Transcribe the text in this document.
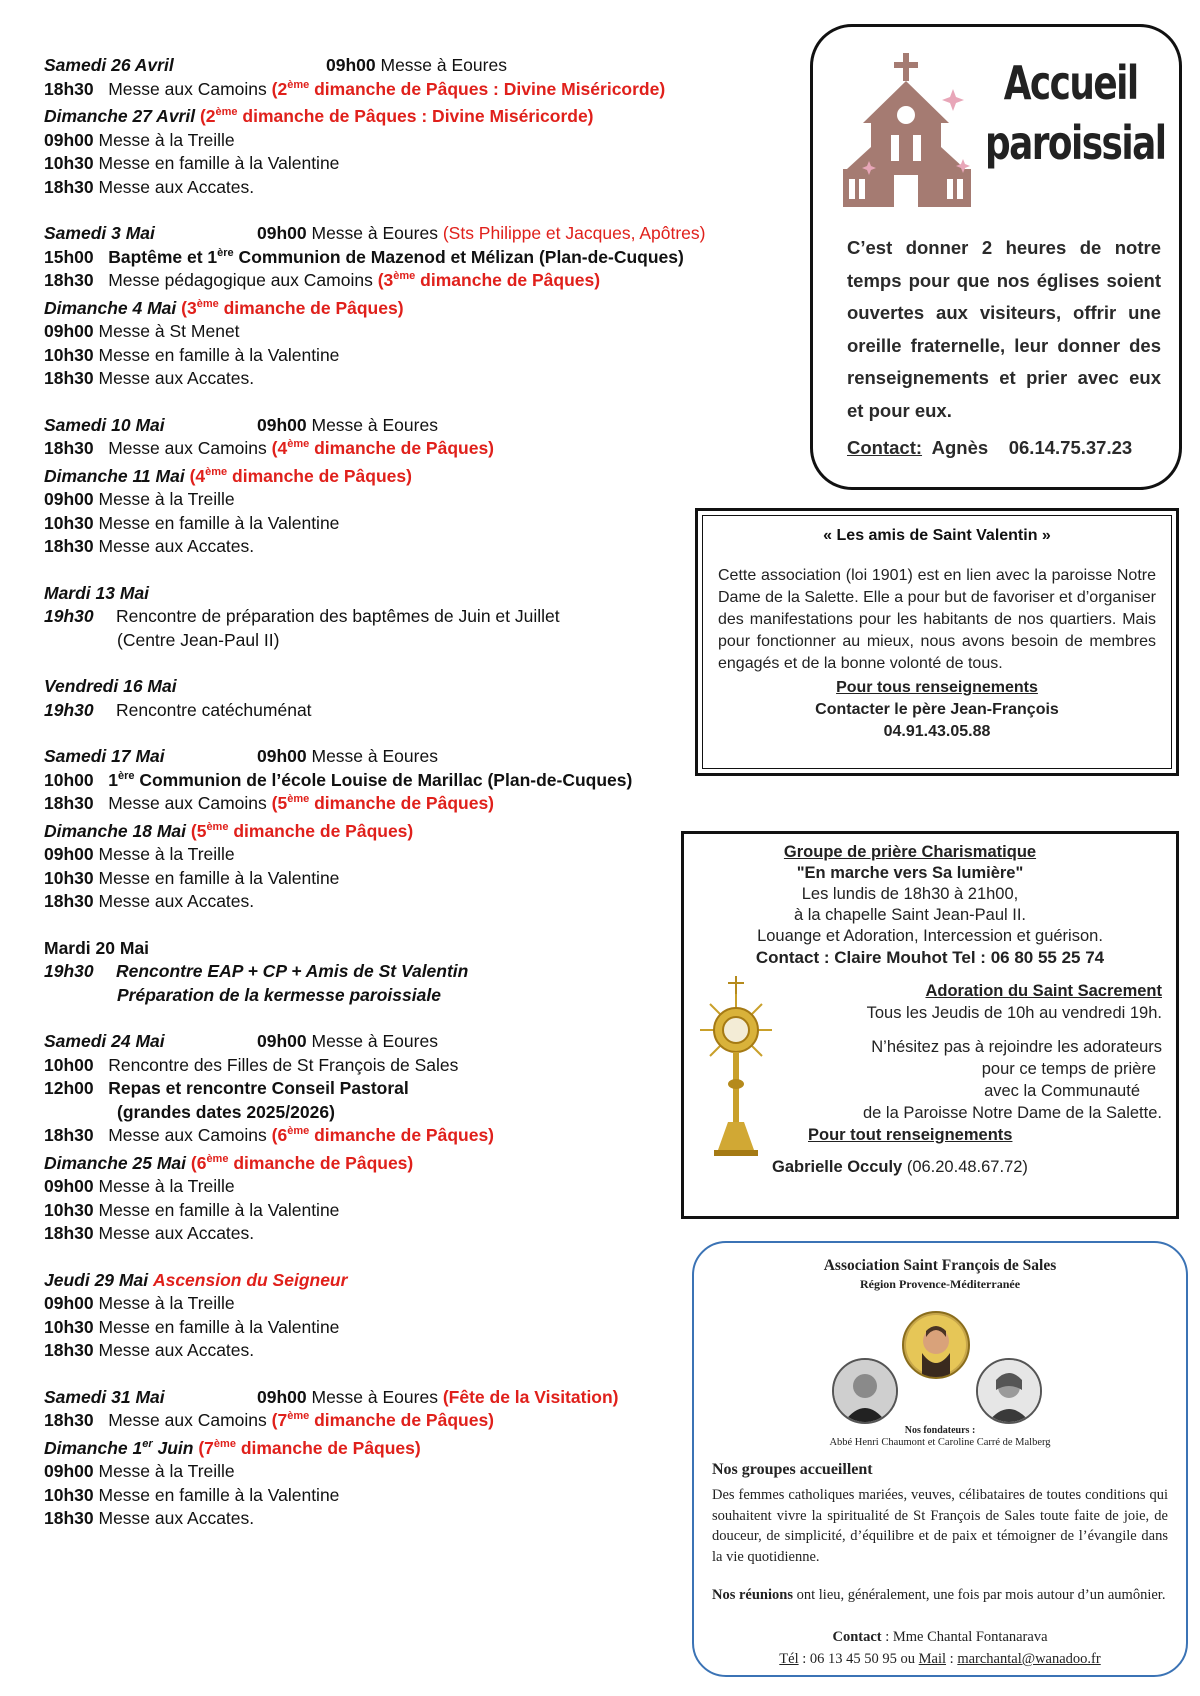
Samedi 26 Avril	09h00 Messe à Eoures
18h30 Messe aux Camoins (2ème dimanche de Pâques : Divine Miséricorde)
Dimanche 27 Avril (2ème dimanche de Pâques : Divine Miséricorde)
09h00 Messe à la Treille
10h30 Messe en famille à la Valentine
18h30 Messe aux Accates.
Samedi 3 Mai	09h00 Messe à Eoures (Sts Philippe et Jacques, Apôtres)
15h00 Baptême et 1ère Communion de Mazenod et Mélizan (Plan-de-Cuques)
18h30 Messe pédagogique aux Camoins (3ème dimanche de Pâques)
Dimanche 4 Mai (3ème dimanche de Pâques)
09h00 Messe à St Menet
10h30 Messe en famille à la Valentine
18h30 Messe aux Accates.
Samedi 10 Mai	09h00 Messe à Eoures
18h30 Messe aux Camoins (4ème dimanche de Pâques)
Dimanche 11 Mai (4ème dimanche de Pâques)
09h00 Messe à la Treille
10h30 Messe en famille à la Valentine
18h30 Messe aux Accates.
Mardi 13 Mai
19h30 Rencontre de préparation des baptêmes de Juin et Juillet
(Centre Jean-Paul II)
Vendredi 16 Mai
19h30 Rencontre catéchuménat
Samedi 17 Mai	09h00 Messe à Eoures
10h00 1ère Communion de l’école Louise de Marillac (Plan-de-Cuques)
18h30 Messe aux Camoins (5ème dimanche de Pâques)
Dimanche 18 Mai (5ème dimanche de Pâques)
09h00 Messe à la Treille
10h30 Messe en famille à la Valentine
18h30 Messe aux Accates.
Mardi 20 Mai
19h30 Rencontre EAP + CP + Amis de St Valentin
Préparation de la kermesse paroissiale
Samedi 24 Mai	09h00 Messe à Eoures
10h00 Rencontre des Filles de St François de Sales
12h00 Repas et rencontre Conseil Pastoral
(grandes dates 2025/2026)
18h30 Messe aux Camoins (6ème dimanche de Pâques)
Dimanche 25 Mai (6ème dimanche de Pâques)
09h00 Messe à la Treille
10h30 Messe en famille à la Valentine
18h30 Messe aux Accates.
Jeudi 29 Mai Ascension du Seigneur
09h00 Messe à la Treille
10h30 Messe en famille à la Valentine
18h30 Messe aux Accates.
Samedi 31 Mai	09h00 Messe à Eoures (Fête de la Visitation)
18h30 Messe aux Camoins (7ème dimanche de Pâques)
Dimanche 1er Juin (7ème dimanche de Pâques)
09h00 Messe à la Treille
10h30 Messe en famille à la Valentine
18h30 Messe aux Accates.
Accueil
paroissial
C’est donner 2 heures de notre temps pour que nos églises soient ouvertes aux visiteurs, offrir une oreille fraternelle, leur donner des renseignements et prier avec eux et pour eux.
Contact: Agnès 06.14.75.37.23
« Les amis de Saint Valentin »
Cette association (loi 1901) est en lien avec la paroisse Notre Dame de la Salette. Elle a pour but de favoriser et d’organiser des manifestations pour les habitants de nos quartiers. Mais pour fonctionner au mieux, nous avons besoin de membres engagés et de la bonne volonté de tous.
Pour tous renseignements
Contacter le père Jean-François
04.91.43.05.88
Groupe de prière Charismatique
"En marche vers Sa lumière"
Les lundis de 18h30 à 21h00,
à la chapelle Saint Jean-Paul II.
Louange et Adoration, Intercession et guérison.
Contact : Claire Mouhot Tel : 06 80 55 25 74
Adoration du Saint Sacrement
Tous les Jeudis de 10h au vendredi 19h.
N’hésitez pas à rejoindre les adorateurs
pour ce temps de prière
avec la Communauté
de la Paroisse Notre Dame de la Salette.
Pour tout renseignements
Gabrielle Occuly (06.20.48.67.72)
Association Saint François de Sales
Région Provence-Méditerranée
Nos fondateurs :
Abbé Henri Chaumont et Caroline Carré de Malberg
Nos groupes accueillent
Des femmes catholiques mariées, veuves, célibataires de toutes conditions qui souhaitent vivre la spiritualité de St François de Sales toute faite de joie, de douceur, de simplicité, d’équilibre et de paix et témoigner de l’évangile dans la vie quotidienne.
Nos réunions ont lieu, généralement, une fois par mois autour d’un aumônier.
Contact : Mme Chantal Fontanarava
Tél : 06 13 45 50 95 ou Mail : marchantal@wanadoo.fr
